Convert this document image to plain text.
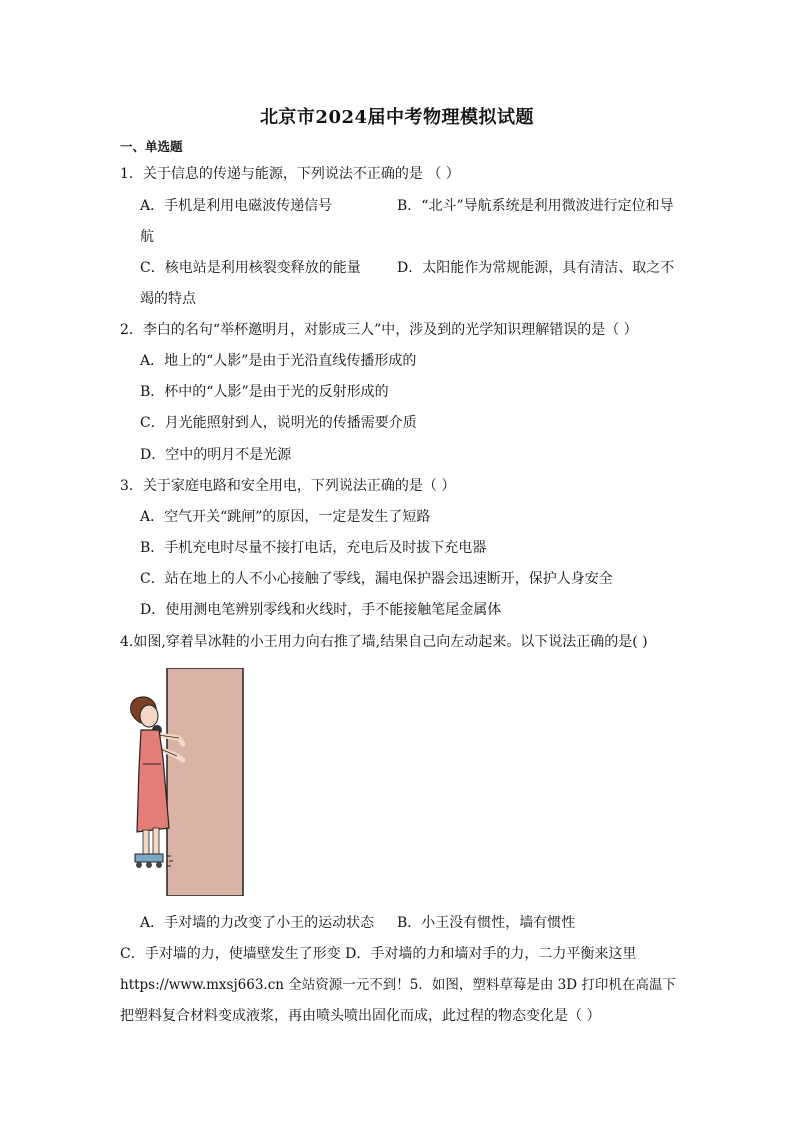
北京市2024届中考物理模拟试题
一、单选题
1．关于信息的传递与能源，下列说法不正确的是 （ ）
A．手机是利用电磁波传递信号	B．“北斗”导航系统是利用微波进行定位和导
航
C．核电站是利用核裂变释放的能量	D．太阳能作为常规能源，具有清洁、取之不
竭的特点
2．李白的名句“举杯邀明月，对影成三人”中，涉及到的光学知识理解错误的是（ ）
A．地上的“人影”是由于光沿直线传播形成的
B．杯中的“人影”是由于光的反射形成的
C．月光能照射到人，说明光的传播需要介质
D．空中的明月不是光源
3．关于家庭电路和安全用电，下列说法正确的是（ ）
A．空气开关“跳闸”的原因，一定是发生了短路
B．手机充电时尽量不接打电话，充电后及时拔下充电器
C．站在地上的人不小心接触了零线，漏电保护器会迅速断开，保护人身安全
D．使用测电笔辨别零线和火线时，手不能接触笔尾金属体
4.如图,穿着旱冰鞋的小王用力向右推了墙,结果自己向左动起来。以下说法正确的是( )
A．手对墙的力改变了小王的运动状态 B．小王没有惯性，墙有惯性
C．手对墙的力，使墙壁发生了形变 D．手对墙的力和墙对手的力，二力平衡来这里
https://www.mxsj663.cn 全站资源一元不到！5．如图，塑料草莓是由 3D 打印机在高温下
把塑料复合材料变成液浆，再由喷头喷出固化而成，此过程的物态变化是（ ）
